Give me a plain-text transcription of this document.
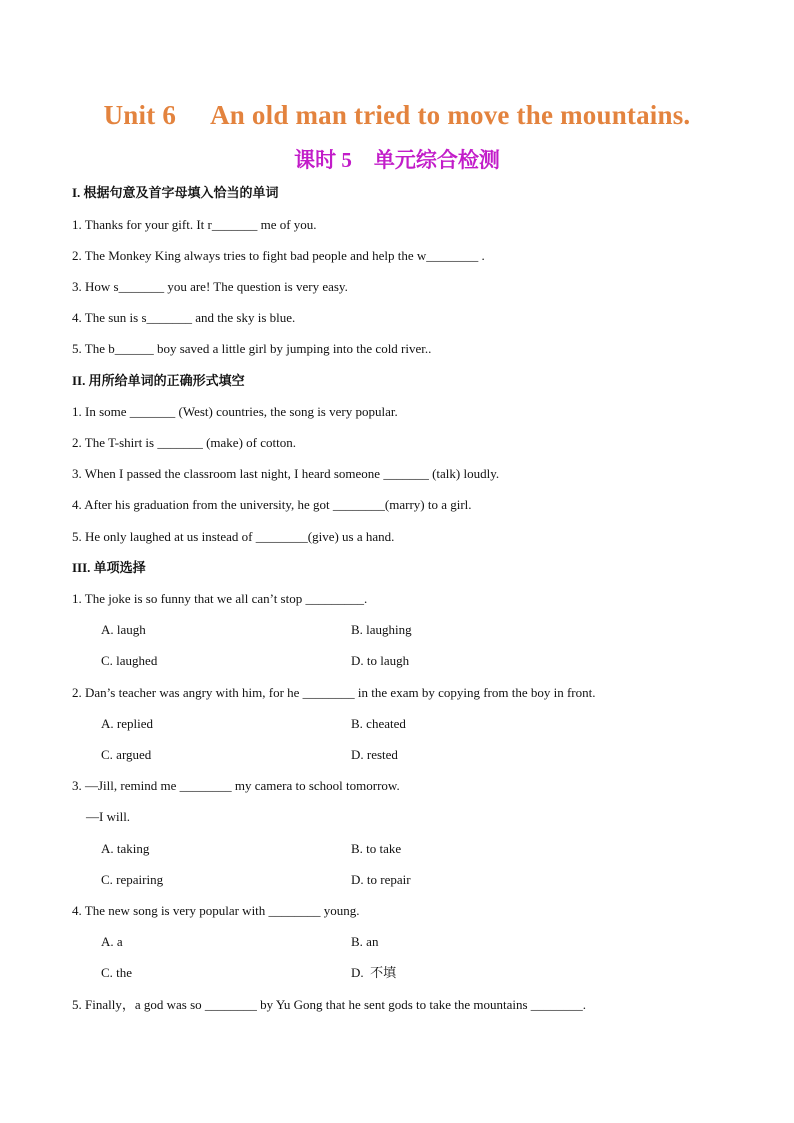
Unit 6 An old man tried to move the mountains.
课时 5 单元综合检测
I. 根据句意及首字母填入恰当的单词
1. Thanks for your gift. It r_______ me of you.
2. The Monkey King always tries to fight bad people and help the w________ .
3. How s_______ you are! The question is very easy.
4. The sun is s_______ and the sky is blue.
5. The b______ boy saved a little girl by jumping into the cold river..
II. 用所给单词的正确形式填空
1. In some _______ (West) countries, the song is very popular.
2. The T-shirt is _______ (make) of cotton.
3. When I passed the classroom last night, I heard someone _______ (talk) loudly.
4. After his graduation from the university, he got ________(marry) to a girl.
5. He only laughed at us instead of ________(give) us a hand.
III. 单项选择
1. The joke is so funny that we all can’t stop _________.
A. laugh	B. laughing
C. laughed	D. to laugh
2. Dan’s teacher was angry with him, for he ________ in the exam by copying from the boy in front.
A. replied	B. cheated
C. argued	D. rested
3. —Jill, remind me ________ my camera to school tomorrow.
—I will.
A. taking	B. to take
C. repairing	D. to repair
4. The new song is very popular with ________ young.
A. a	B. an
C. the	D.  不填
5. Finally，a god was so ________ by Yu Gong that he sent gods to take the mountains ________.
